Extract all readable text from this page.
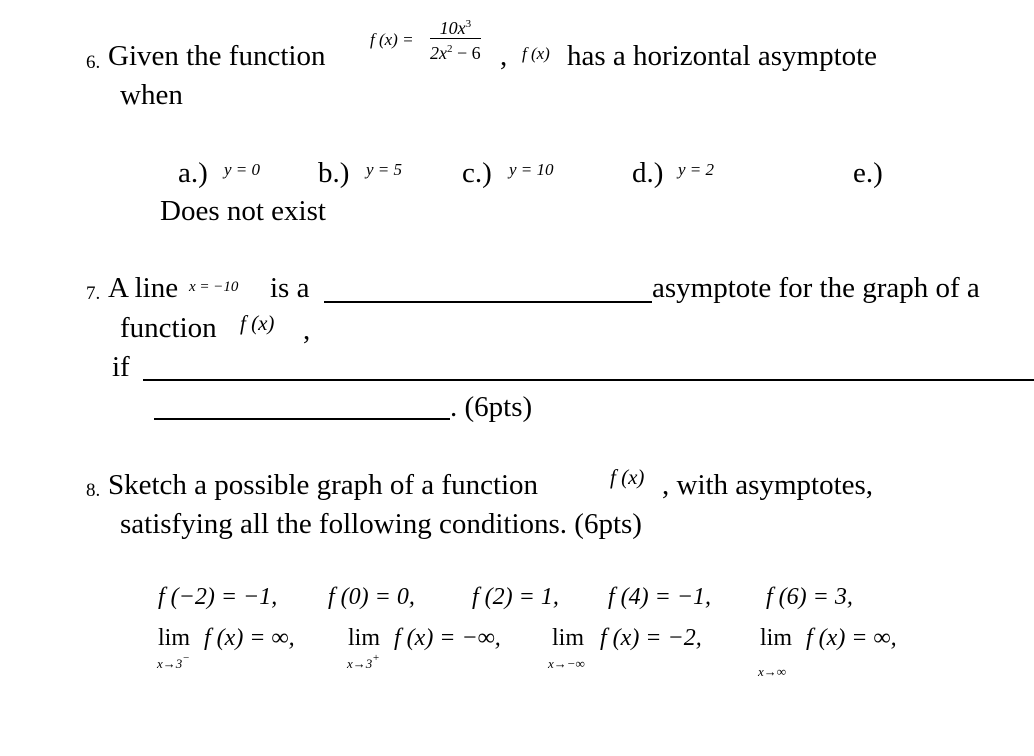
6. Given the function
f $(x) = \frac{10x^3}{2x^2 - 6}$ , f (x) has a horizontal asymptote
when
a.) y = 0 b.) y = 5 c.) y = 10	d.) y = 2	e.)
Does not exist
7. A line x = −10 is a	asymptote for the graph of a
function f (x) ,
if
. (6pts)
8. Sketch a possible graph of a function	f (x) , with asymptotes,
satisfying all the following conditions. (6pts)
f (−2) = −1, f (0) = 0, f (2) = 1, f (4) = −1, f (6) = 3,
lim f (x) = ∞,
x→3−
lim f (x) = −∞,
x→3+
lim f (x) = −2,
x→−∞
lim f (x) = ∞,
x→∞
